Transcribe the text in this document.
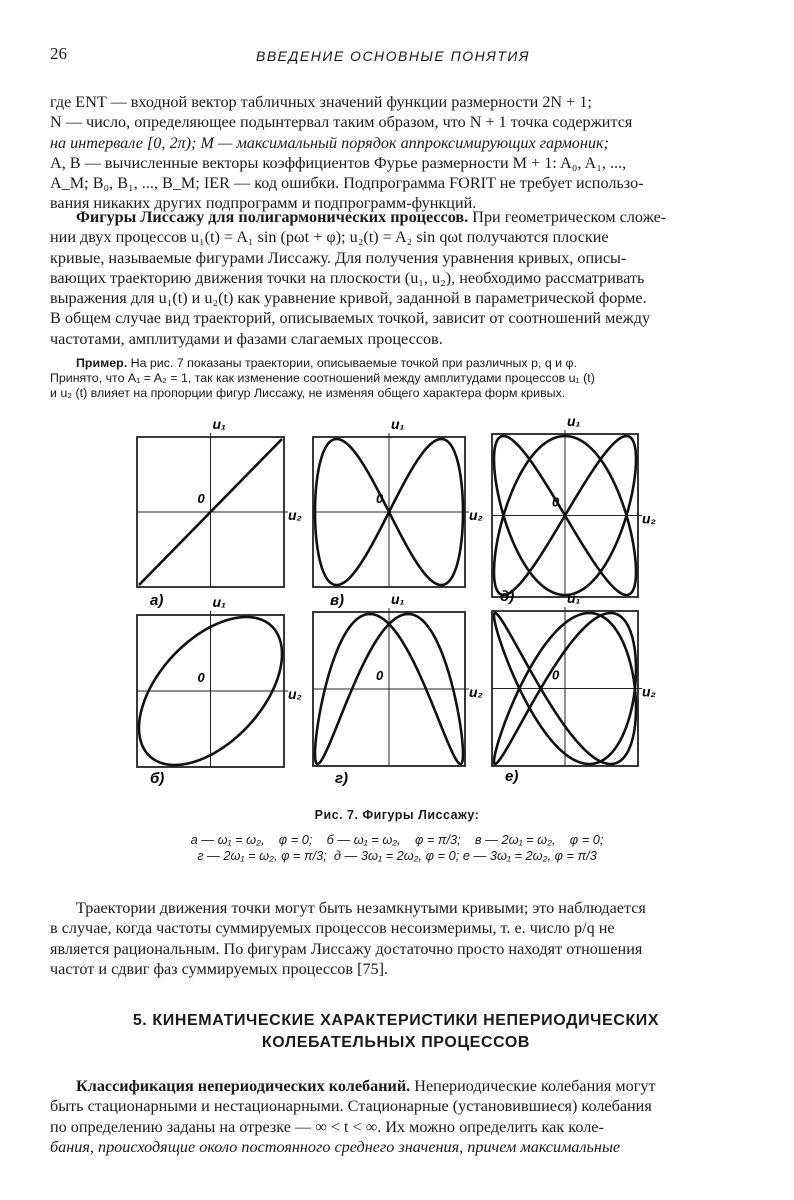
26	ВВЕДЕНИЕ ОСНОВНЫЕ ПОНЯТИЯ
где ENT — входной вектор табличных значений функции размерности 2N + 1;
N — число, определяющее подынтервал таким образом, что N + 1 точка содержится
на интервале [0, 2π); M — максимальный порядок аппроксимирующих гармоник;
A, B — вычисленные векторы коэффициентов Фурье размерности M + 1: A₀, A₁, ...,
A_M; B₀, B₁, ..., B_M; IER — код ошибки. Подпрограмма FORIT не требует использо-
вания никаких других подпрограмм и подпрограмм-функций.
Фигуры Лиссажу для полигармонических процессов. При геометрическом сложе-
нии двух процессов u₁(t) = A₁ sin (pωt + φ); u₂(t) = A₂ sin qωt получаются плоские
кривые, называемые фигурами Лиссажу. Для получения уравнения кривых, описы-
вающих траекторию движения точки на плоскости (u₁, u₂), необходимо рассматривать
выражения для u₁(t) и u₂(t) как уравнение кривой, заданной в параметрической форме.
В общем случае вид траекторий, описываемых точкой, зависит от соотношений между
частотами, амплитудами и фазами слагаемых процессов.
Пример. На рис. 7 показаны траектории, описываемые точкой при различных p, q и φ.
Принято, что A₁ = A₂ = 1, так как изменение соотношений между амплитудами процессов u₁ (t)
и u₂ (t) влияет на пропорции фигур Лиссажу, не изменяя общего характера форм кривых.
u₁
u₂
0
а)
u₁
u₂
0
в)
u₁
u₂
0
д)
u₁
u₂
0
б)
u₁
u₂
0
г)
u₁
u₂
0
е)
Рис. 7. Фигуры Лиссажу:
а — ω₁ = ω₂,    φ = 0;    б — ω₁ = ω₂,    φ = π/3;    в — 2ω₁ = ω₂,    φ = 0;
г — 2ω₁ = ω₂, φ = π/3;  д — 3ω₁ = 2ω₂, φ = 0; е — 3ω₁ = 2ω₂, φ = π/3
Траектории движения точки могут быть незамкнутыми кривыми; это наблюдается
в случае, когда частоты суммируемых процессов несоизмеримы, т. е. число p/q не
является рациональным. По фигурам Лиссажу достаточно просто находят отношения
частот и сдвиг фаз суммируемых процессов [75].
5. КИНЕМАТИЧЕСКИЕ ХАРАКТЕРИСТИКИ НЕПЕРИОДИЧЕСКИХ
КОЛЕБАТЕЛЬНЫХ ПРОЦЕССОВ
Классификация непериодических колебаний. Непериодические колебания могут
быть стационарными и нестационарными. Стационарные (установившиеся) колебания
по определению заданы на отрезке — ∞ < t < ∞. Их можно определить как коле-
бания, происходящие около постоянного среднего значения, причем максимальные
